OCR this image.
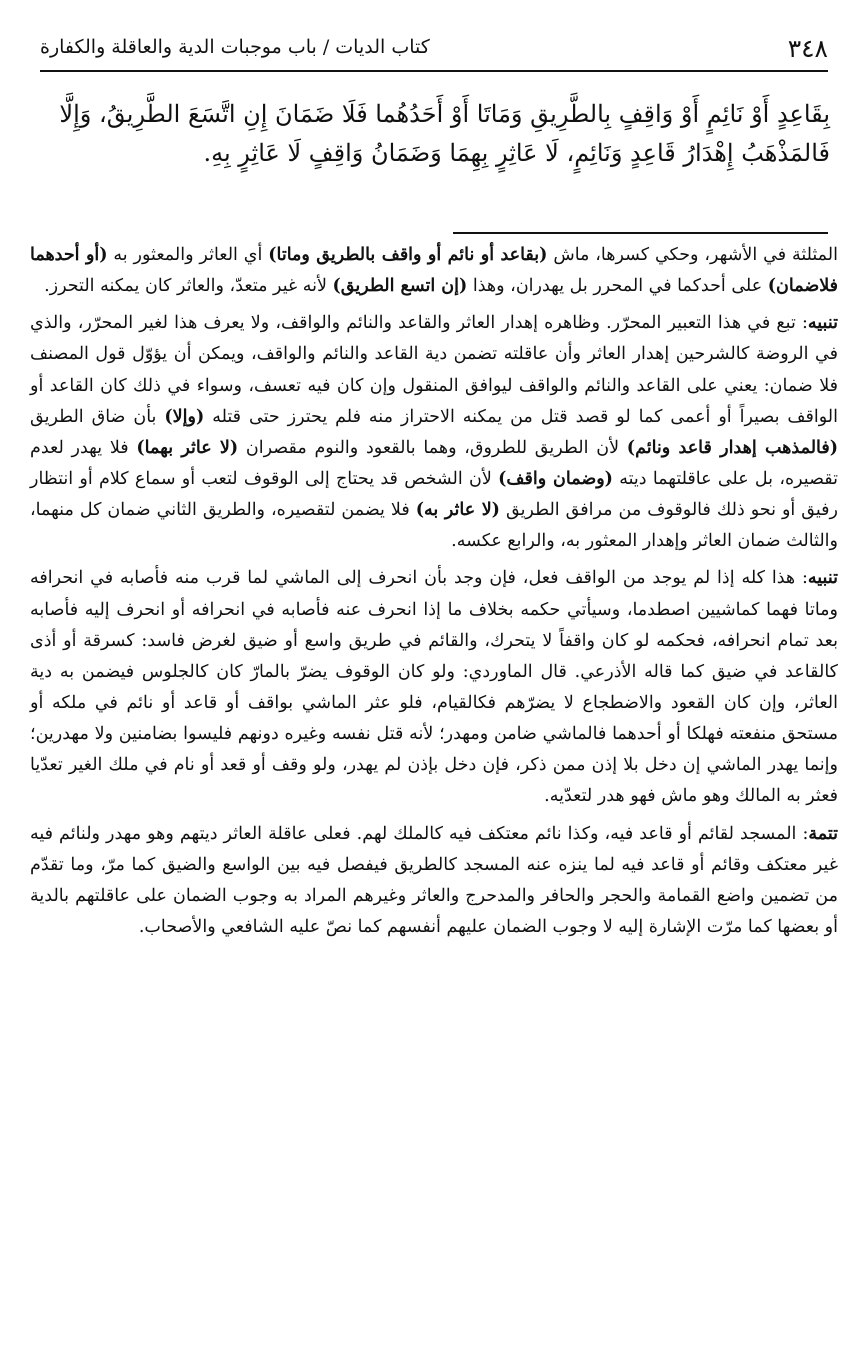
٣٤٨
كتاب الديات / باب موجبات الدية والعاقلة والكفارة

بِقَاعِدٍ أَوْ نَائِمٍ أَوْ وَاقِفٍ بِالطَّرِيقِ وَمَاتَا أَوْ أَحَدُهُما فَلَا ضَمَانَ إِنِ اتَّسَعَ الطَّرِيقُ، وَإِلَّا

فَالمَذْهَبُ إِهْدَارُ قَاعِدٍ وَنَائِمٍ، لَا عَاثِرٍ بِهِمَا وَضَمَانُ وَاقِفٍ لَا عَاثِرٍ بِهِ.

المثلثة في الأشهر، وحكي كسرها، ماش (بقاعد أو نائم أو واقف بالطريق وماتا) أي العاثر والمعثور به (أو أحدهما فلاضمان) على أحدكما في المحرر بل يهدران، وهذا (إن اتسع الطريق) لأنه غير متعدّ، والعاثر كان يمكنه التحرز.

تنبيه: تبع في هذا التعبير المحرّر. وظاهره إهدار العاثر والقاعد والنائم والواقف، ولا يعرف هذا لغير المحرّر، والذي في الروضة كالشرحين إهدار العاثر وأن عاقلته تضمن دية القاعد والنائم والواقف، ويمكن أن يؤوّل قول المصنف فلا ضمان: يعني على القاعد والنائم والواقف ليوافق المنقول وإن كان فيه تعسف، وسواء في ذلك كان القاعد أو الواقف بصيراً أو أعمى كما لو قصد قتل من يمكنه الاحتراز منه فلم يحترز حتى قتله (وإلا) بأن ضاق الطريق (فالمذهب إهدار قاعد ونائم) لأن الطريق للطروق، وهما بالقعود والنوم مقصران (لا عاثر بهما) فلا يهدر لعدم تقصيره، بل على عاقلتهما ديته (وضمان واقف) لأن الشخص قد يحتاج إلى الوقوف لتعب أو سماع كلام أو انتظار رفيق أو نحو ذلك فالوقوف من مرافق الطريق (لا عاثر به) فلا يضمن لتقصيره، والطريق الثاني ضمان كل منهما، والثالث ضمان العاثر وإهدار المعثور به، والرابع عكسه.

تنبيه: هذا كله إذا لم يوجد من الواقف فعل، فإن وجد بأن انحرف إلى الماشي لما قرب منه فأصابه في انحرافه وماتا فهما كماشيين اصطدما، وسيأتي حكمه بخلاف ما إذا انحرف عنه فأصابه في انحرافه أو انحرف إليه فأصابه بعد تمام انحرافه، فحكمه لو كان واقفاً لا يتحرك، والقائم في طريق واسع أو ضيق لغرض فاسد: كسرقة أو أذى كالقاعد في ضيق كما قاله الأذرعي. قال الماوردي: ولو كان الوقوف يضرّ بالمارّ كان كالجلوس فيضمن به دية العاثر، وإن كان القعود والاضطجاع لا يضرّهم فكالقيام، فلو عثر الماشي بواقف أو قاعد أو نائم في ملكه أو مستحق منفعته فهلكا أو أحدهما فالماشي ضامن ومهدر؛ لأنه قتل نفسه وغيره دونهم فليسوا بضامنين ولا مهدرين؛ وإنما يهدر الماشي إن دخل بلا إذن ممن ذكر، فإن دخل بإذن لم يهدر، ولو وقف أو قعد أو نام في ملك الغير تعدّيا فعثر به المالك وهو ماش فهو هدر لتعدّيه.

تتمة: المسجد لقائم أو قاعد فيه، وكذا نائم معتكف فيه كالملك لهم. فعلى عاقلة العاثر ديتهم وهو مهدر ولنائم فيه غير معتكف وقائم أو قاعد فيه لما ينزه عنه المسجد كالطريق فيفصل فيه بين الواسع والضيق كما مرّ، وما تقدّم من تضمين واضع القمامة والحجر والحافر والمدحرج والعاثر وغيرهم المراد به وجوب الضمان على عاقلتهم بالدية أو بعضها كما مرّت الإشارة إليه لا وجوب الضمان عليهم أنفسهم كما نصّ عليه الشافعي والأصحاب.
